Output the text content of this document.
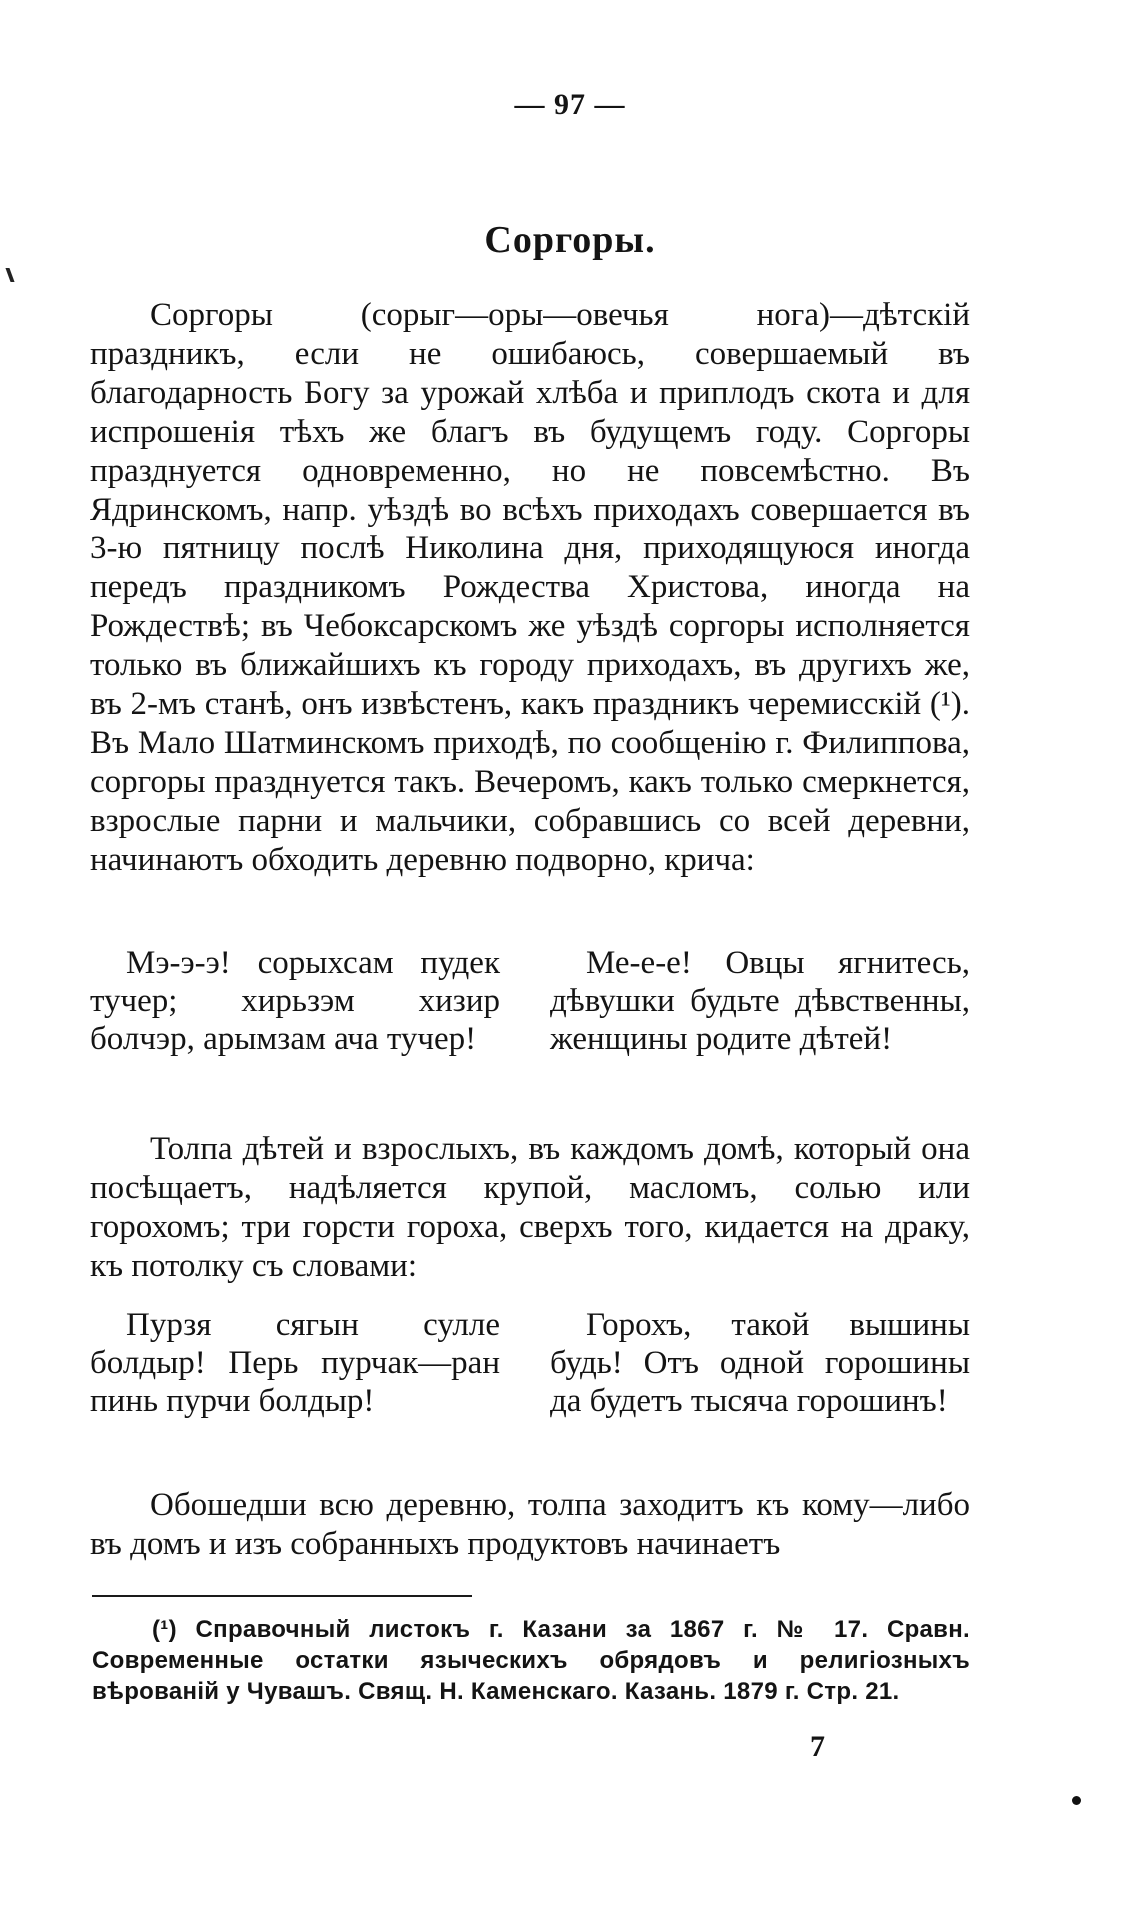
— 97 —
Соргоры.

Соргоры (сорыг—оры—овечья нога)—дѣтскій праздникъ, если не ошибаюсь, совершаемый въ благодарность Богу за урожай хлѣба и приплодъ скота и для испрошенія тѣхъ же благъ въ будущемъ году. Соргоры празднуется одновременно, но не повсемѣстно. Въ Ядринскомъ, напр. уѣздѣ во всѣхъ приходахъ совершается въ 3-ю пятницу послѣ Николина дня, приходящуюся иногда передъ праздникомъ Рождества Христова, иногда на Рождествѣ; въ Чебоксарскомъ же уѣздѣ соргоры исполняется только въ ближайшихъ къ городу приходахъ, въ другихъ же, въ 2-мъ станѣ, онъ извѣстенъ, какъ праздникъ черемисскій (¹). Въ Мало Шатминскомъ приходѣ, по сообщенію г. Филиппова, соргоры празднуется такъ. Вечеромъ, какъ только смеркнется, взрослые парни и мальчики, собравшись со всей деревни, начинаютъ обходить деревню подворно, крича:

Мэ-э-э! сорыхсам пудек тучер; хирьзэм хизир болчэр, арымзам ача тучер!
Ме-е-е! Овцы ягнитесь, дѣвушки будьте дѣвственны, женщины родите дѣтей!

Толпа дѣтей и взрослыхъ, въ каждомъ домѣ, который она посѣщаетъ, надѣляется крупой, масломъ, солью или горохомъ; три горсти гороха, сверхъ того, кидается на драку, къ потолку съ словами:

Пурзя сягын сулле болдыр! Перь пурчак—ран пинь пурчи болдыр!
Горохъ, такой вышины будь! Отъ одной горошины да будетъ тысяча горошинъ!

Обошедши всю деревню, толпа заходитъ къ кому—либо въ домъ и изъ собранныхъ продуктовъ начинаетъ

(¹) Справочный листокъ г. Казани за 1867 г. № 17. Сравн. Современные остатки языческихъ обрядовъ и религіозныхъ вѣрованій у Чувашъ. Свящ. Н. Каменскаго. Казань. 1879 г. Стр. 21.
7
